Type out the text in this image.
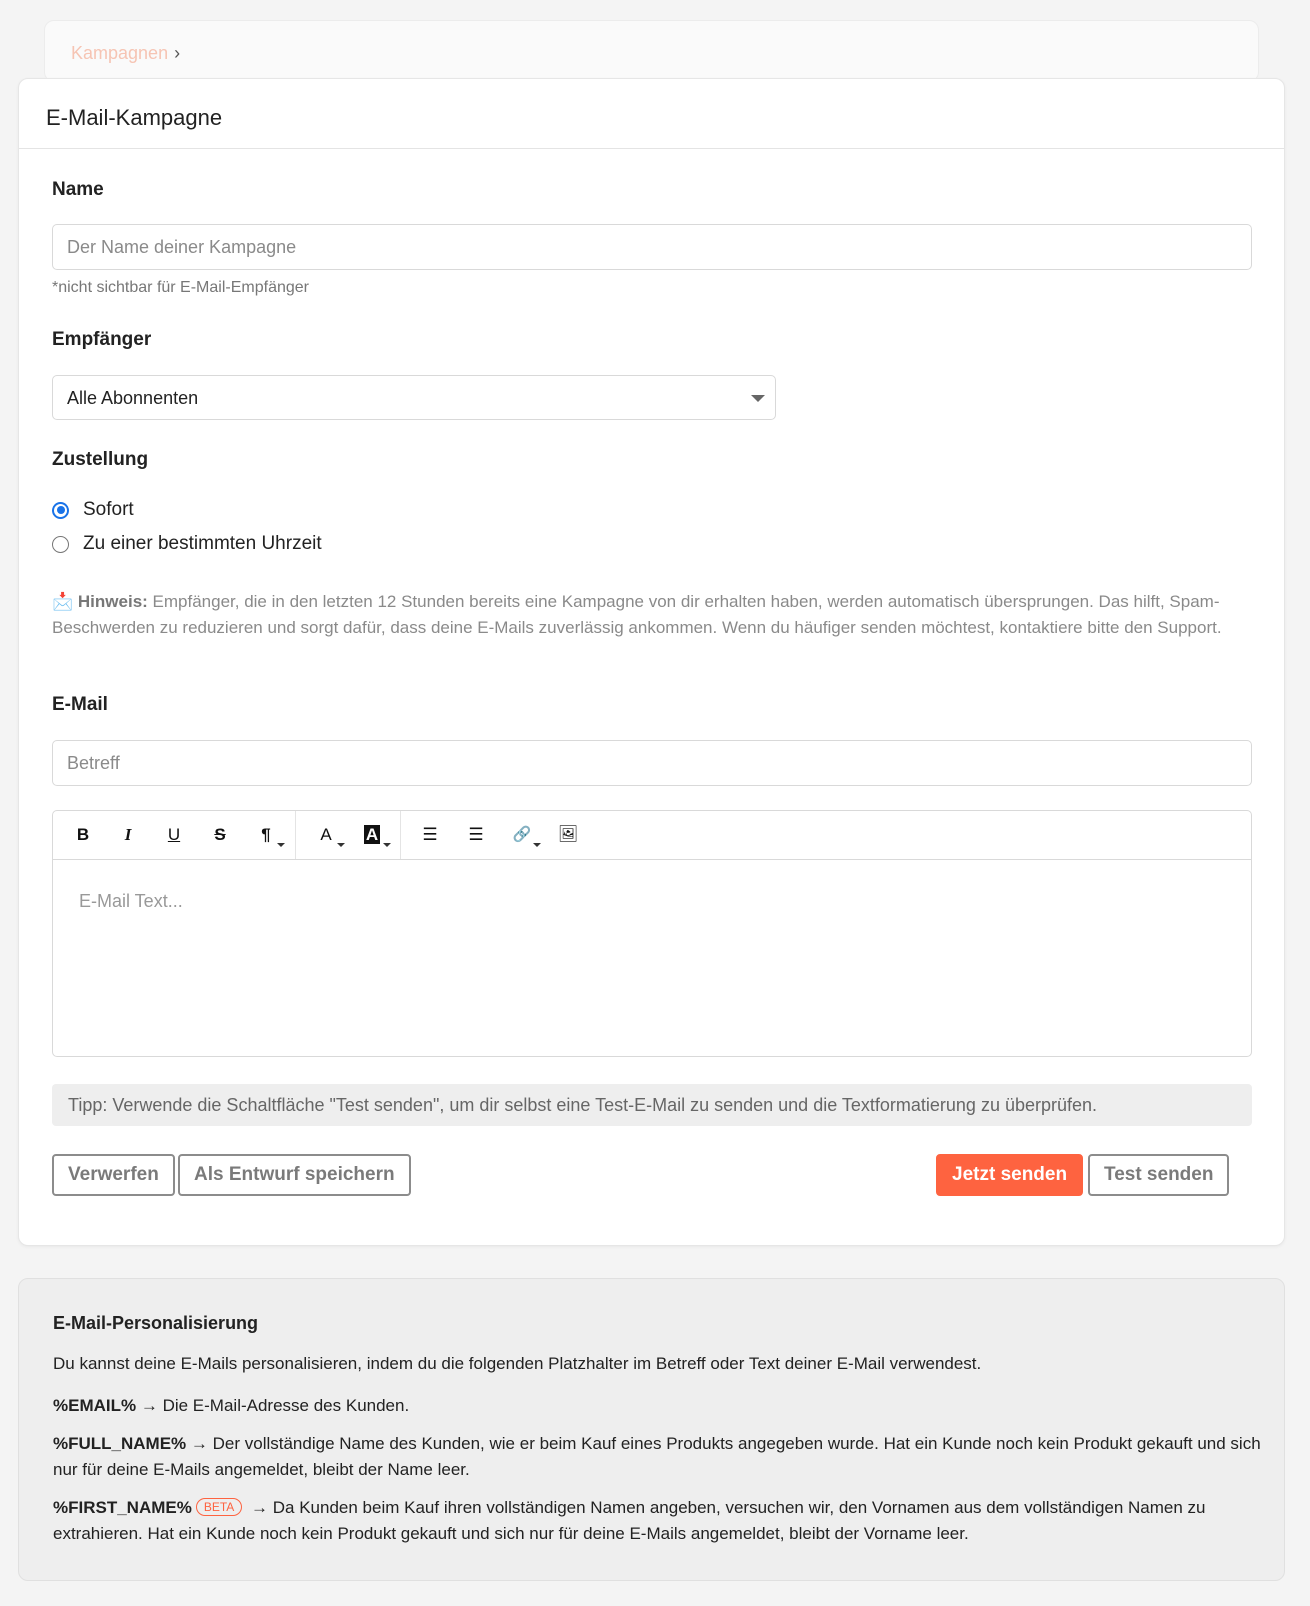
Kampagnen ›
E-Mail-Kampagne
Name
Der Name deiner Kampagne
*nicht sichtbar für E-Mail-Empfänger
Empfänger
Alle Abonnenten
Zustellung
Sofort
Zu einer bestimmten Uhrzeit
📩 Hinweis: Empfänger, die in den letzten 12 Stunden bereits eine Kampagne von dir erhalten haben, werden automatisch übersprungen. Das hilft, Spam-Beschwerden zu reduzieren und sorgt dafür, dass deine E-Mails zuverlässig ankommen. Wenn du häufiger senden möchtest, kontaktiere bitte den Support.
E-Mail
Betreff
B	I	U	S	¶	A	A	☰	☰	🔗	🖼
E-Mail Text...
Tipp: Verwende die Schaltfläche "Test senden", um dir selbst eine Test-E-Mail zu senden und die Textformatierung zu überprüfen.
Verwerfen	Als Entwurf speichern	Jetzt senden	Test senden
E-Mail-Personalisierung

Du kannst deine E-Mails personalisieren, indem du die folgenden Platzhalter im Betreff oder Text deiner E-Mail verwendest.

%EMAIL% → Die E-Mail-Adresse des Kunden.

%FULL_NAME% → Der vollständige Name des Kunden, wie er beim Kauf eines Produkts angegeben wurde. Hat ein Kunde noch kein Produkt gekauft und sich nur für deine E-Mails angemeldet, bleibt der Name leer.

%FIRST_NAME% BETA → Da Kunden beim Kauf ihren vollständigen Namen angeben, versuchen wir, den Vornamen aus dem vollständigen Namen zu extrahieren. Hat ein Kunde noch kein Produkt gekauft und sich nur für deine E-Mails angemeldet, bleibt der Vorname leer.
